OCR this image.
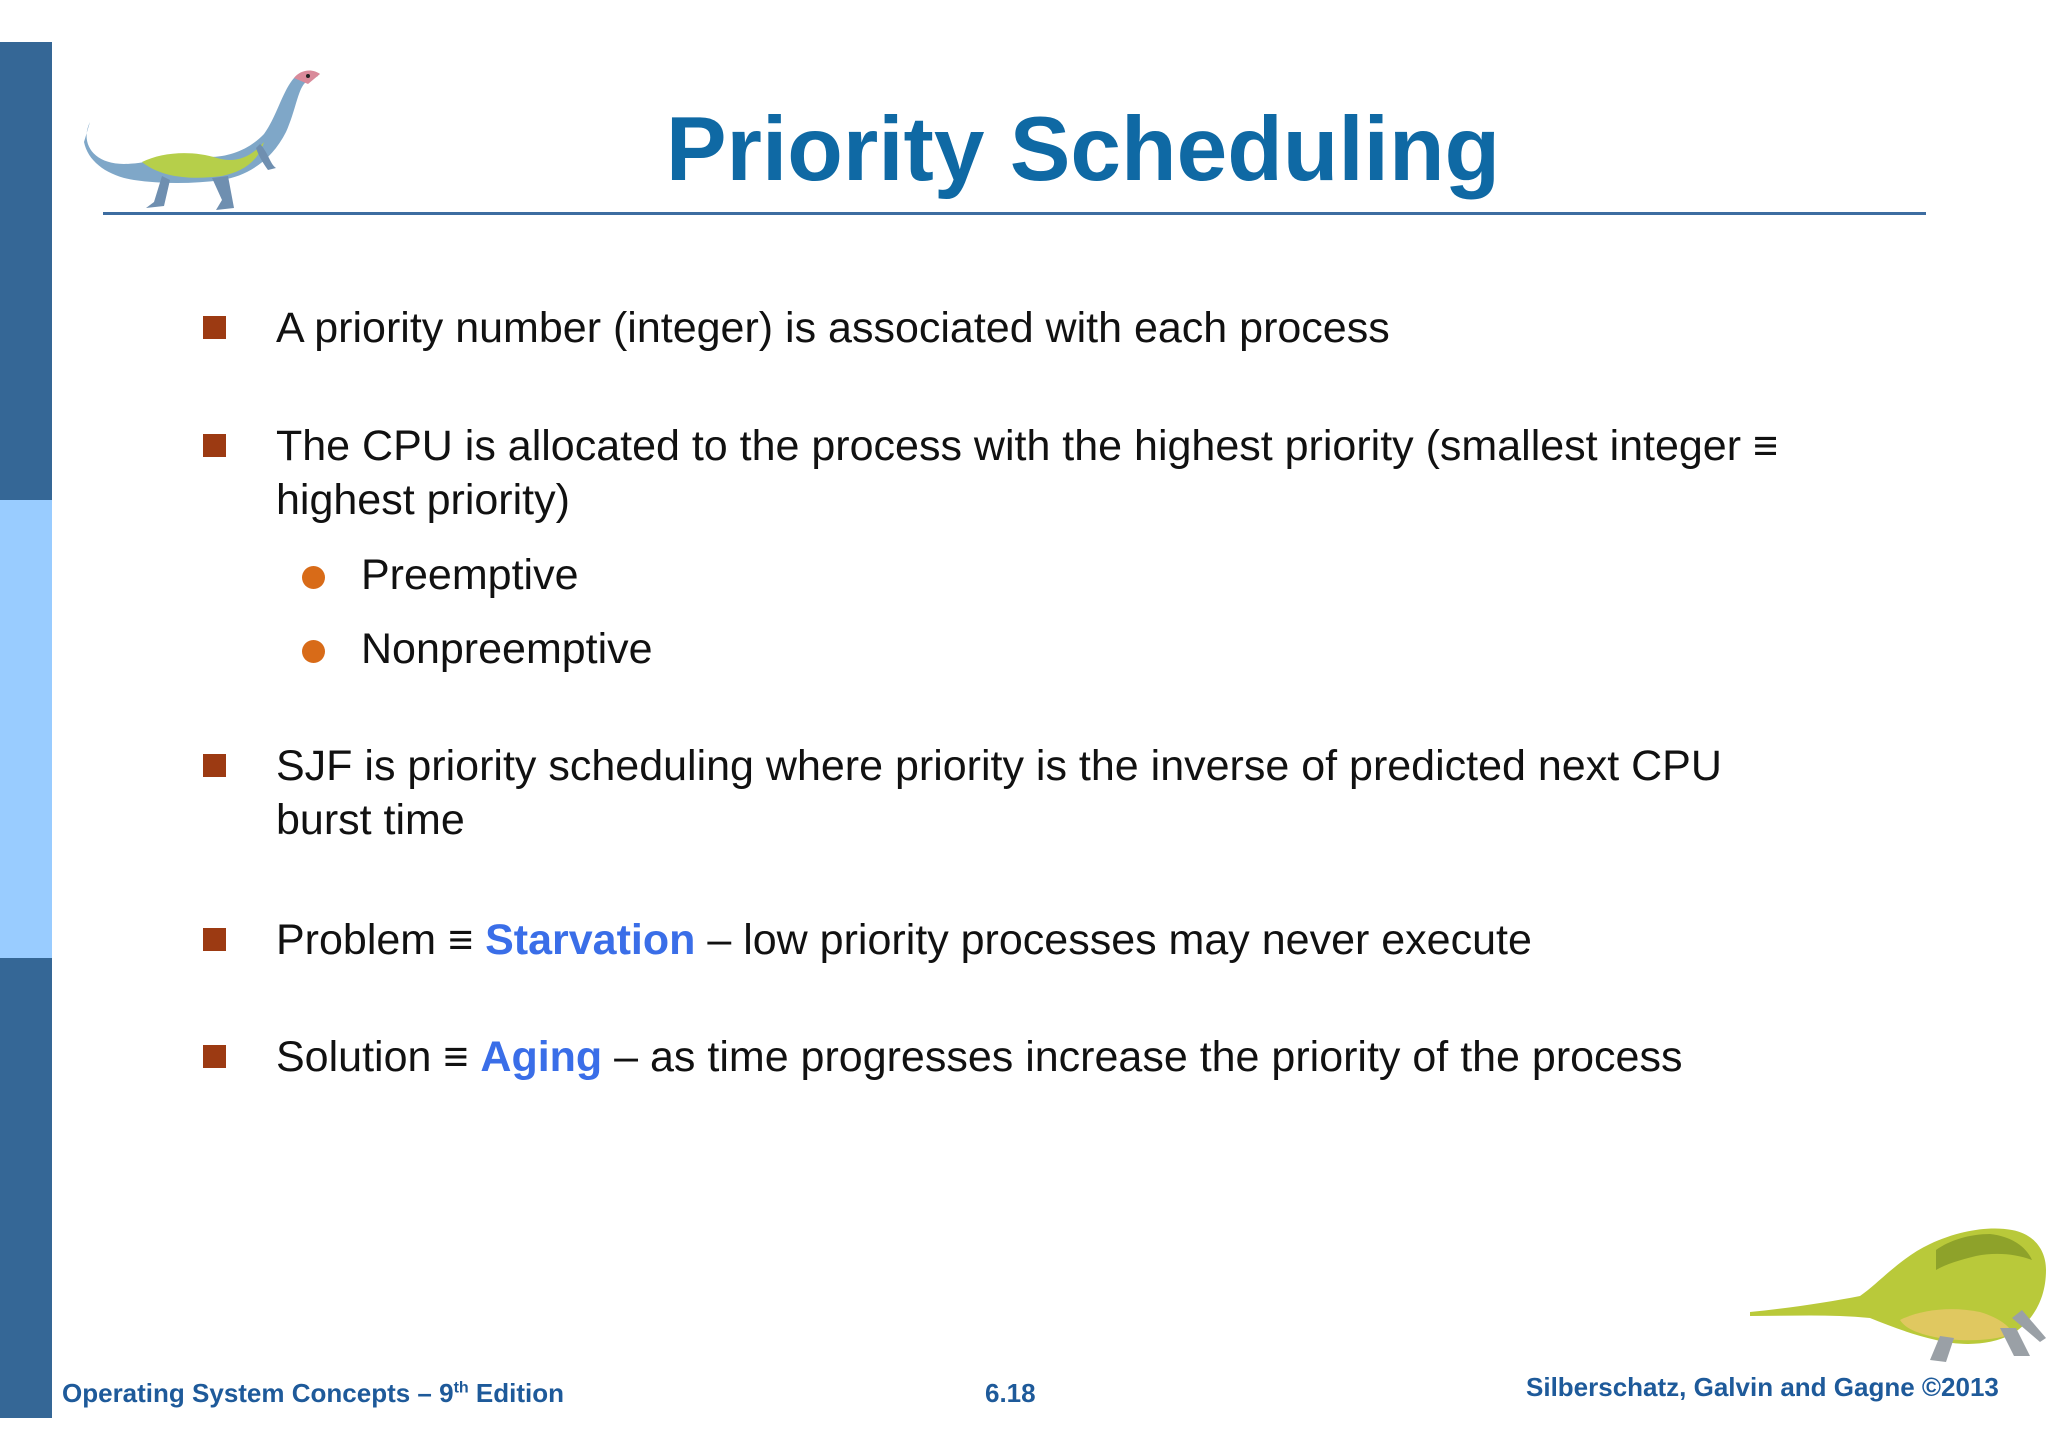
Priority Scheduling
A priority number (integer) is associated with each process
The CPU is allocated to the process with the highest priority (smallest integer ≡
highest priority)
Preemptive
Nonpreemptive
SJF is priority scheduling where priority is the inverse of predicted next CPU
burst time
Problem ≡ Starvation – low priority processes may never execute
Solution ≡ Aging – as time progresses increase the priority of the process
Operating System Concepts – 9th Edition	6.18	Silberschatz, Galvin and Gagne ©2013
